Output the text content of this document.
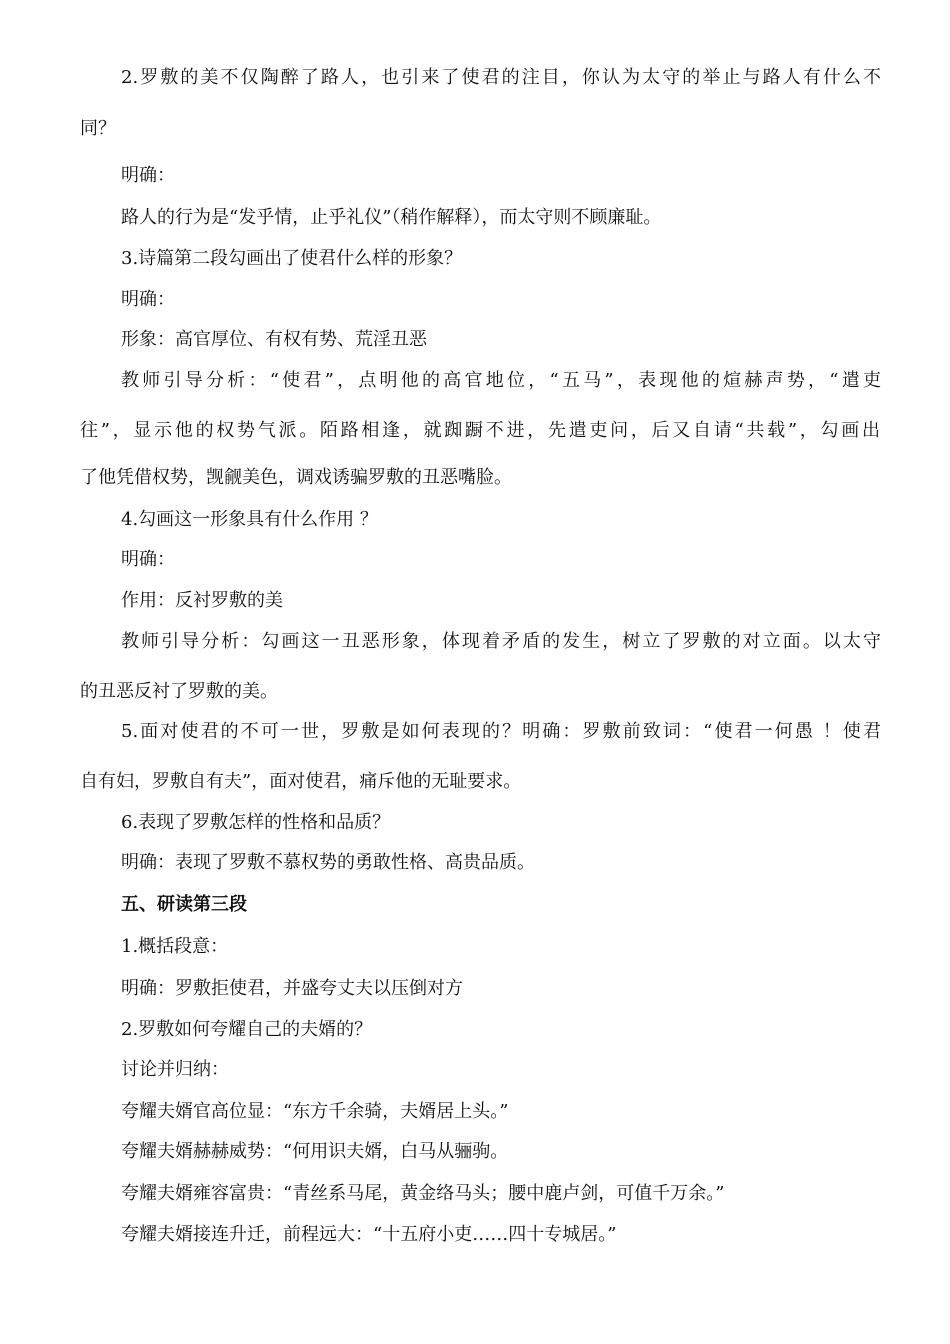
2.罗敷的美不仅陶醉了路人，也引来了使君的注目，你认为太守的举止与路人有什么不
同？
明确：
路人的行为是“发乎情，止乎礼仪”（稍作解释），而太守则不顾廉耻。
3.诗篇第二段勾画出了使君什么样的形象？
明确：
形象：高官厚位、有权有势、荒淫丑恶
教师引导分析：“使君”，点明他的高官地位，“五马”，表现他的煊赫声势，“遣吏
往”，显示他的权势气派。陌路相逢，就踟蹰不进，先遣吏问，后又自请“共载”，勾画出
了他凭借权势，觊觎美色，调戏诱骗罗敷的丑恶嘴脸。
4.勾画这一形象具有什么作用 ？
明确：
作用：反衬罗敷的美
教师引导分析：勾画这一丑恶形象，体现着矛盾的发生，树立了罗敷的对立面。以太守
的丑恶反衬了罗敷的美。
5.面对使君的不可一世，罗敷是如何表现的？明确：罗敷前致词：“使君一何愚 ！使君
自有妇，罗敷自有夫”，面对使君，痛斥他的无耻要求。
6.表现了罗敷怎样的性格和品质？
明确：表现了罗敷不慕权势的勇敢性格、高贵品质。
五、研读第三段
1.概括段意：
明确：罗敷拒使君，并盛夸丈夫以压倒对方
2.罗敷如何夸耀自己的夫婿的？
讨论并归纳：
夸耀夫婿官高位显：“东方千余骑，夫婿居上头。”
夸耀夫婿赫赫威势：“何用识夫婿，白马从骊驹。
夸耀夫婿雍容富贵：“青丝系马尾，黄金络马头；腰中鹿卢剑，可值千万余。”
夸耀夫婿接连升迁，前程远大：“十五府小吏……四十专城居。”
